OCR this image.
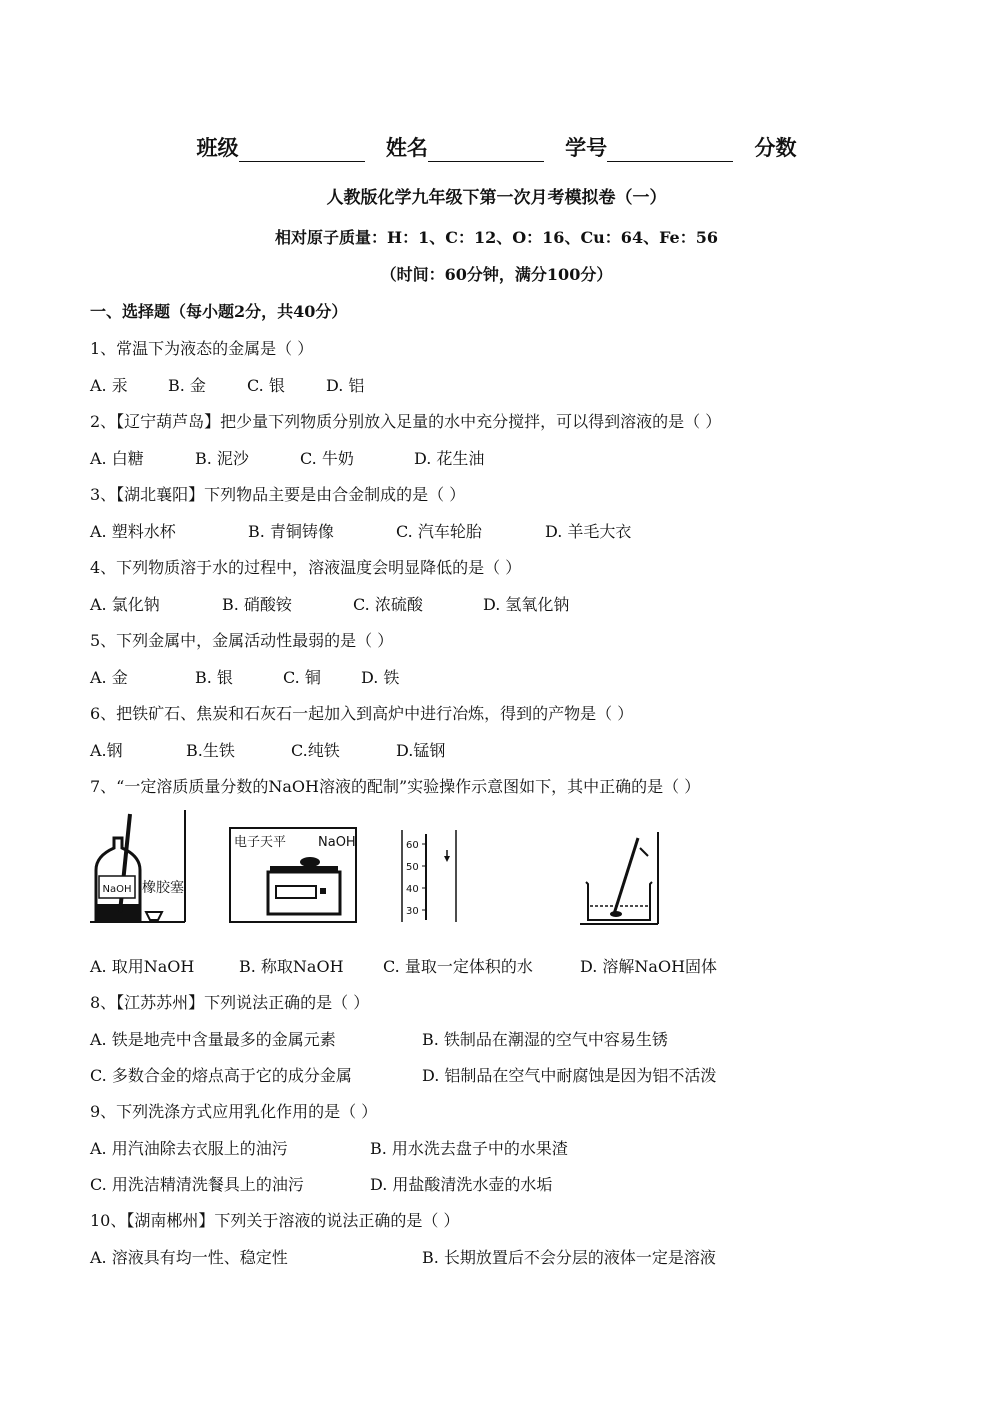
班级	姓名	学号	分数
人教版化学九年级下第一次月考模拟卷（一）
相对原子质量：H：1、C：12、O：16、Cu：64、Fe：56
（时间：60分钟，满分100分）
一、选择题（每小题2分，共40分）
1、常温下为液态的金属是（ ）
A. 汞	B. 金	C. 银	D. 铝
2、【辽宁葫芦岛】把少量下列物质分别放入足量的水中充分搅拌，可以得到溶液的是（ ）
A. 白糖	B. 泥沙	C. 牛奶	D. 花生油
3、【湖北襄阳】下列物品主要是由合金制成的是（ ）
A. 塑料水杯	B. 青铜铸像	C. 汽车轮胎	D. 羊毛大衣
4、下列物质溶于水的过程中，溶液温度会明显降低的是（ ）
A. 氯化钠	B. 硝酸铵	C. 浓硫酸	D. 氢氧化钠
5、下列金属中，金属活动性最弱的是（ ）
A. 金	B. 银	C. 铜	D. 铁
6、把铁矿石、焦炭和石灰石一起加入到高炉中进行冶炼，得到的产物是（ ）
A.钢	B.生铁	C.纯铁	D.锰钢
7、“一定溶质质量分数的NaOH溶液的配制”实验操作示意图如下，其中正确的是（ ）
NaOH 橡胶塞
电子天平 NaOH	60
50
40
30
A. 取用NaOH	B. 称取NaOH C. 量取一定体积的水	D. 溶解NaOH固体
8、【江苏苏州】下列说法正确的是（ ）
A. 铁是地壳中含量最多的金属元素	B. 铁制品在潮湿的空气中容易生锈
C. 多数合金的熔点高于它的成分金属	D. 铝制品在空气中耐腐蚀是因为铝不活泼
9、下列洗涤方式应用乳化作用的是（ ）
A. 用汽油除去衣服上的油污	B. 用水洗去盘子中的水果渣
C. 用洗洁精清洗餐具上的油污	D. 用盐酸清洗水壶的水垢
10、【湖南郴州】下列关于溶液的说法正确的是（ ）
A. 溶液具有均一性、稳定性	B. 长期放置后不会分层的液体一定是溶液
